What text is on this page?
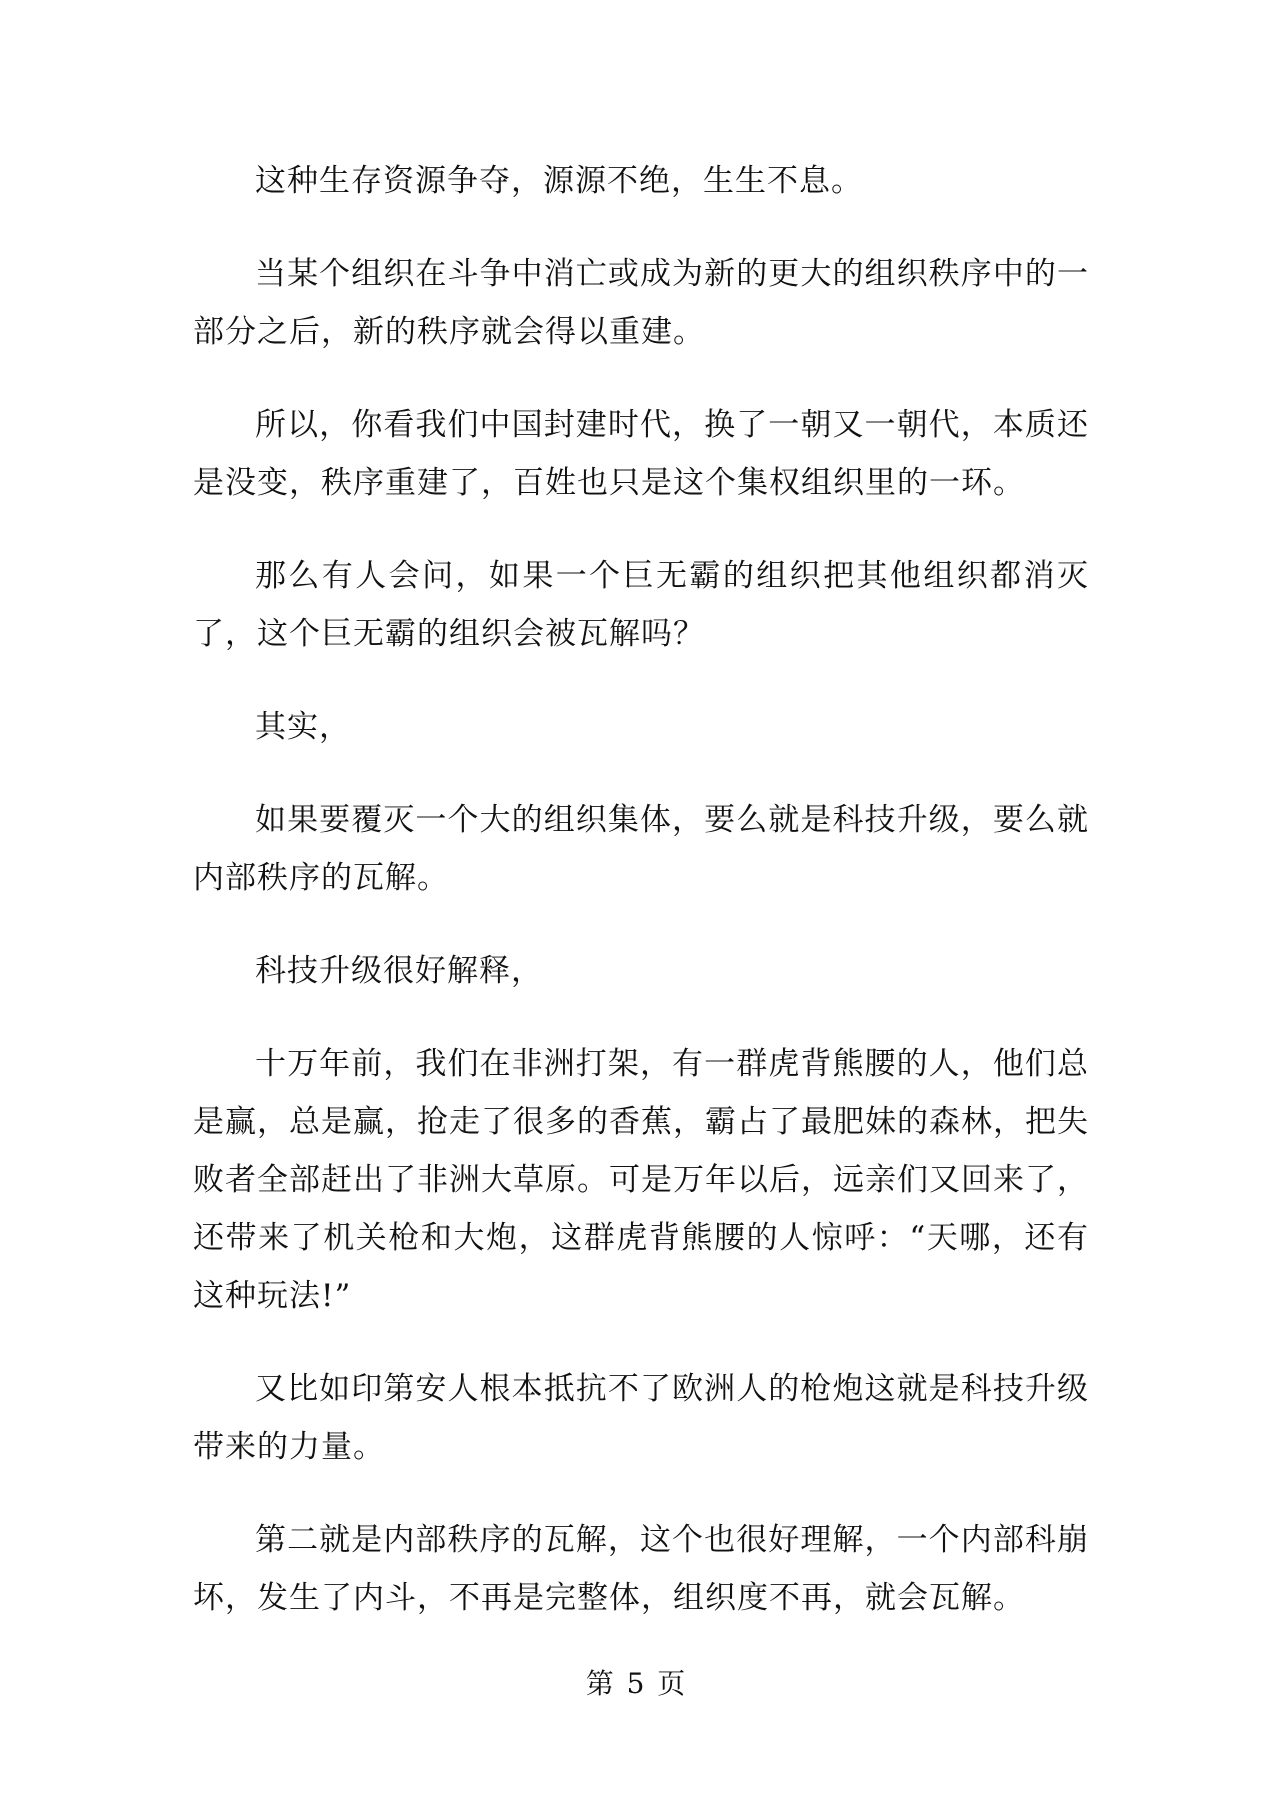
这种生存资源争夺，源源不绝，生生不息。

当某个组织在斗争中消亡或成为新的更大的组织秩序中的一部分之后，新的秩序就会得以重建。

所以，你看我们中国封建时代，换了一朝又一朝代，本质还是没变，秩序重建了，百姓也只是这个集权组织里的一环。

那么有人会问，如果一个巨无霸的组织把其他组织都消灭了，这个巨无霸的组织会被瓦解吗？

其实，

如果要覆灭一个大的组织集体，要么就是科技升级，要么就内部秩序的瓦解。

科技升级很好解释，

十万年前，我们在非洲打架，有一群虎背熊腰的人，他们总是赢，总是赢，抢走了很多的香蕉，霸占了最肥妹的森林，把失败者全部赶出了非洲大草原。可是万年以后，远亲们又回来了，还带来了机关枪和大炮，这群虎背熊腰的人惊呼：“天哪，还有这种玩法!”

又比如印第安人根本抵抗不了欧洲人的枪炮这就是科技升级带来的力量。

第二就是内部秩序的瓦解，这个也很好理解，一个内部科崩坏，发生了内斗，不再是完整体，组织度不再，就会瓦解。

第 5 页
